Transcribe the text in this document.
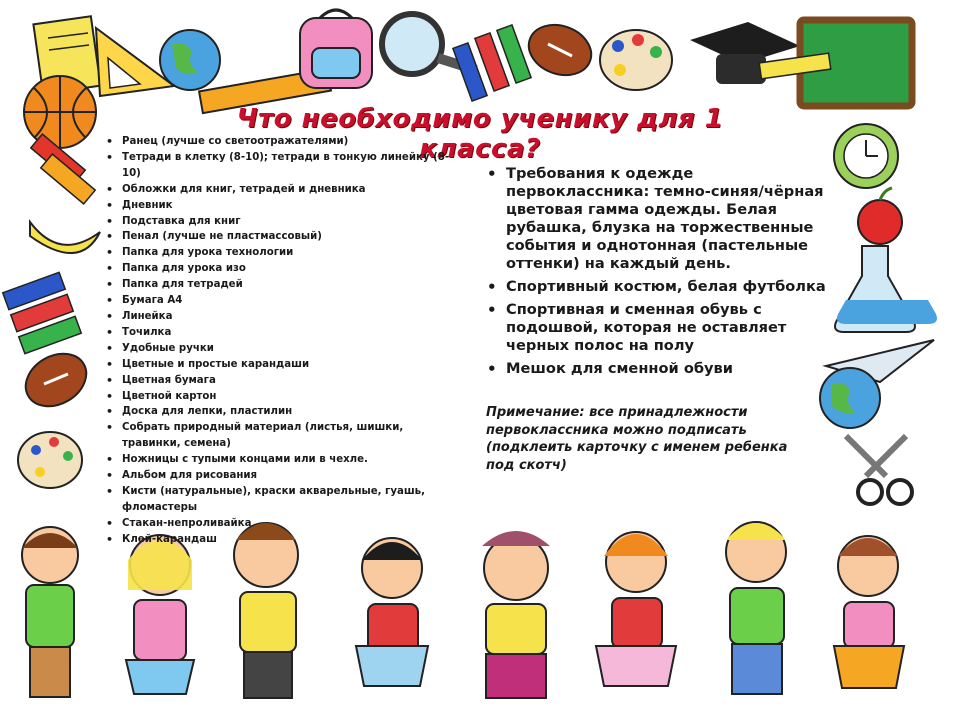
Что необходимо ученику для 1 класса?
• Ранец (лучше со светоотражателями)
• Тетради в клетку (8-10); тетради в тонкую линейку (8-10)
• Обложки для книг, тетрадей и дневника
• Дневник
• Подставка для книг
• Пенал (лучше не пластмассовый)
• Папка для урока технологии
• Папка для урока изо
• Папка для тетрадей
• Бумага А4
• Линейка
• Точилка
• Удобные ручки
• Цветные и простые карандаши
• Цветная бумага
• Цветной картон
• Доска для лепки, пластилин
• Собрать природный материал (листья, шишки, травинки, семена)
• Ножницы с тупыми концами или в чехле.
• Альбом для рисования
• Кисти (натуральные), краски акварельные, гуашь, фломастеры
• Стакан-непроливайка
• Клей-карандаш
• Требования к одежде первоклассника: темно-синяя/чёрная цветовая гамма одежды. Белая рубашка, блузка на торжественные события и однотонная (пастельные оттенки) на каждый день.
• Спортивный костюм, белая футболка
• Спортивная и сменная обувь с подошвой, которая не оставляет черных полос на полу
• Мешок для сменной обуви
Примечание: все принадлежности первоклассника можно подписать (подклеить карточку с именем ребенка под скотч)
